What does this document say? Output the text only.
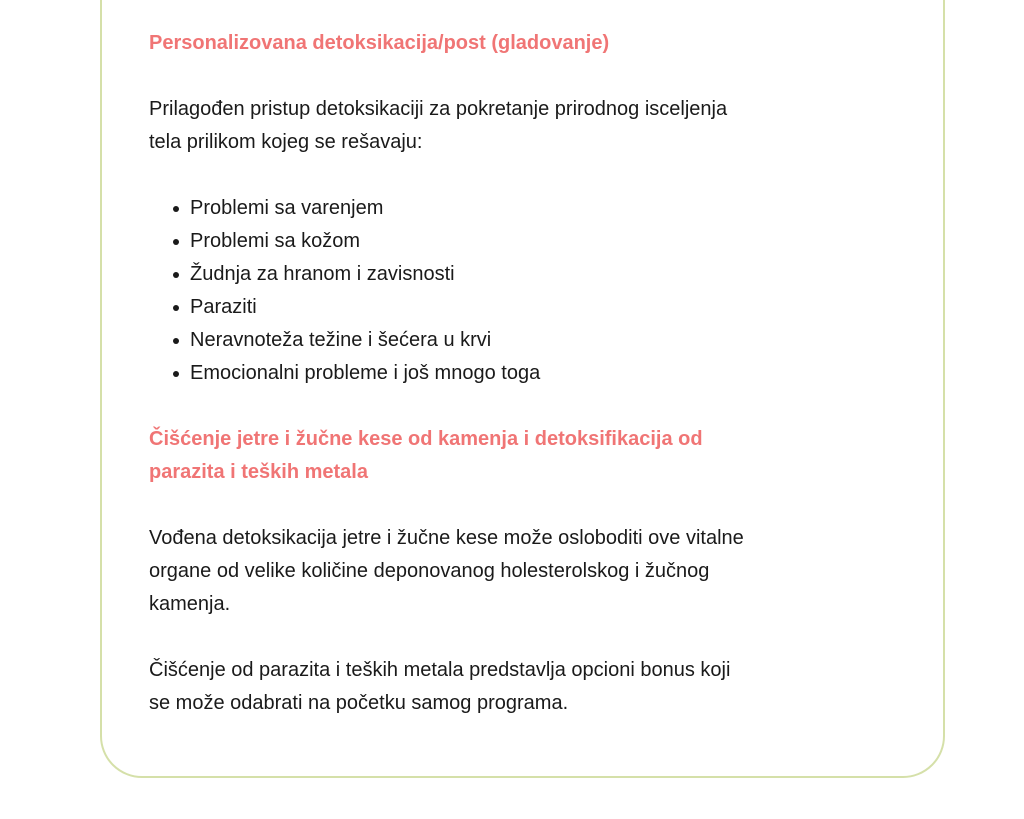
Personalizovana detoksikacija/post (gladovanje)

Prilagođen pristup detoksikaciji za pokretanje prirodnog isceljenja
tela prilikom kojeg se rešavaju:

Problemi sa varenjem
Problemi sa kožom
Žudnja za hranom i zavisnosti
Paraziti
Neravnoteža težine i šećera u krvi
Emocionalni probleme i još mnogo toga
Čišćenje jetre i žučne kese od kamenja i detoksifikacija od
parazita i teških metala

Vođena detoksikacija jetre i žučne kese može osloboditi ove vitalne
organe od velike količine deponovanog holesterolskog i žučnog
kamenja.

Čišćenje od parazita i teških metala predstavlja opcioni bonus koji
se može odabrati na početku samog programa.
